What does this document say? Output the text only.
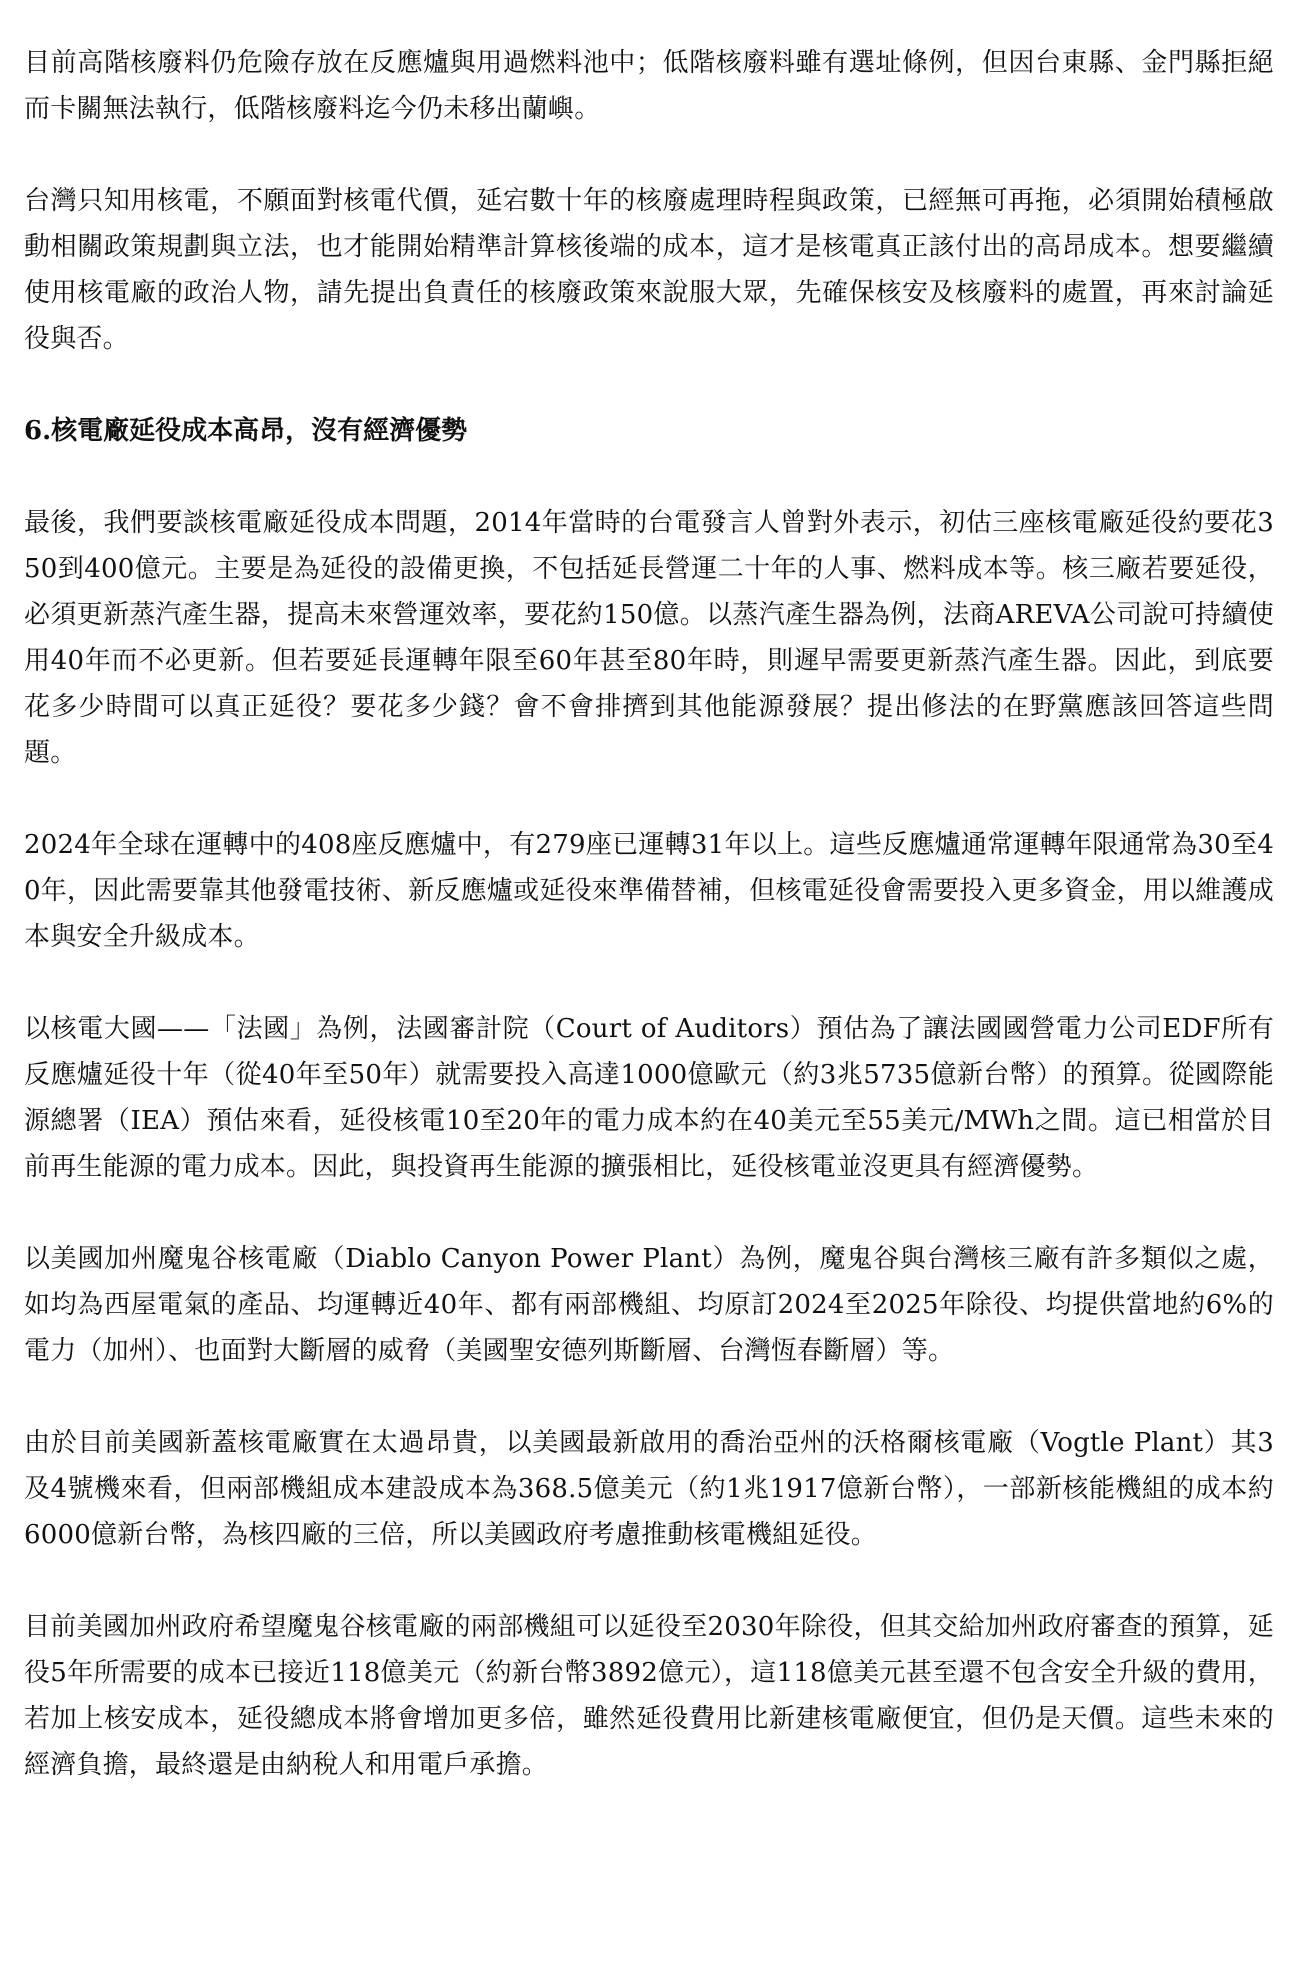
目前高階核廢料仍危險存放在反應爐與用過燃料池中；低階核廢料雖有選址條例，但因台東縣、金門縣拒絕而卡關無法執行，低階核廢料迄今仍未移出蘭嶼。

台灣只知用核電，不願面對核電代價，延宕數十年的核廢處理時程與政策，已經無可再拖，必須開始積極啟動相關政策規劃與立法，也才能開始精準計算核後端的成本，這才是核電真正該付出的高昂成本。想要繼續使用核電廠的政治人物，請先提出負責任的核廢政策來說服大眾，先確保核安及核廢料的處置，再來討論延役與否。

6.核電廠延役成本高昂，沒有經濟優勢

最後，我們要談核電廠延役成本問題，2014年當時的台電發言人曾對外表示，初估三座核電廠延役約要花350到400億元。主要是為延役的設備更換，不包括延長營運二十年的人事、燃料成本等。核三廠若要延役，必須更新蒸汽產生器，提高未來營運效率，要花約150億。以蒸汽產生器為例，法商AREVA公司說可持續使用40年而不必更新。但若要延長運轉年限至60年甚至80年時，則遲早需要更新蒸汽產生器。因此，到底要花多少時間可以真正延役？要花多少錢？會不會排擠到其他能源發展？提出修法的在野黨應該回答這些問題。

2024年全球在運轉中的408座反應爐中，有279座已運轉31年以上。這些反應爐通常運轉年限通常為30至40年，因此需要靠其他發電技術、新反應爐或延役來準備替補，但核電延役會需要投入更多資金，用以維護成本與安全升級成本。

以核電大國——「法國」為例，法國審計院（Court of Auditors）預估為了讓法國國營電力公司EDF所有反應爐延役十年（從40年至50年）就需要投入高達1000億歐元（約3兆5735億新台幣）的預算。從國際能源總署（IEA）預估來看，延役核電10至20年的電力成本約在40美元至55美元/MWh之間。這已相當於目前再生能源的電力成本。因此，與投資再生能源的擴張相比，延役核電並沒更具有經濟優勢。

以美國加州魔鬼谷核電廠（Diablo Canyon Power Plant）為例，魔鬼谷與台灣核三廠有許多類似之處，如均為西屋電氣的產品、均運轉近40年、都有兩部機組、均原訂2024至2025年除役、均提供當地約6%的電力（加州）、也面對大斷層的威脅（美國聖安德列斯斷層、台灣恆春斷層）等。

由於目前美國新蓋核電廠實在太過昂貴，以美國最新啟用的喬治亞州的沃格爾核電廠（Vogtle Plant）其3及4號機來看，但兩部機組成本建設成本為368.5億美元（約1兆1917億新台幣），一部新核能機組的成本約6000億新台幣，為核四廠的三倍，所以美國政府考慮推動核電機組延役。

目前美國加州政府希望魔鬼谷核電廠的兩部機組可以延役至2030年除役，但其交給加州政府審查的預算，延役5年所需要的成本已接近118億美元（約新台幣3892億元），這118億美元甚至還不包含安全升級的費用，若加上核安成本，延役總成本將會增加更多倍，雖然延役費用比新建核電廠便宜，但仍是天價。這些未來的經濟負擔，最終還是由納稅人和用電戶承擔。
